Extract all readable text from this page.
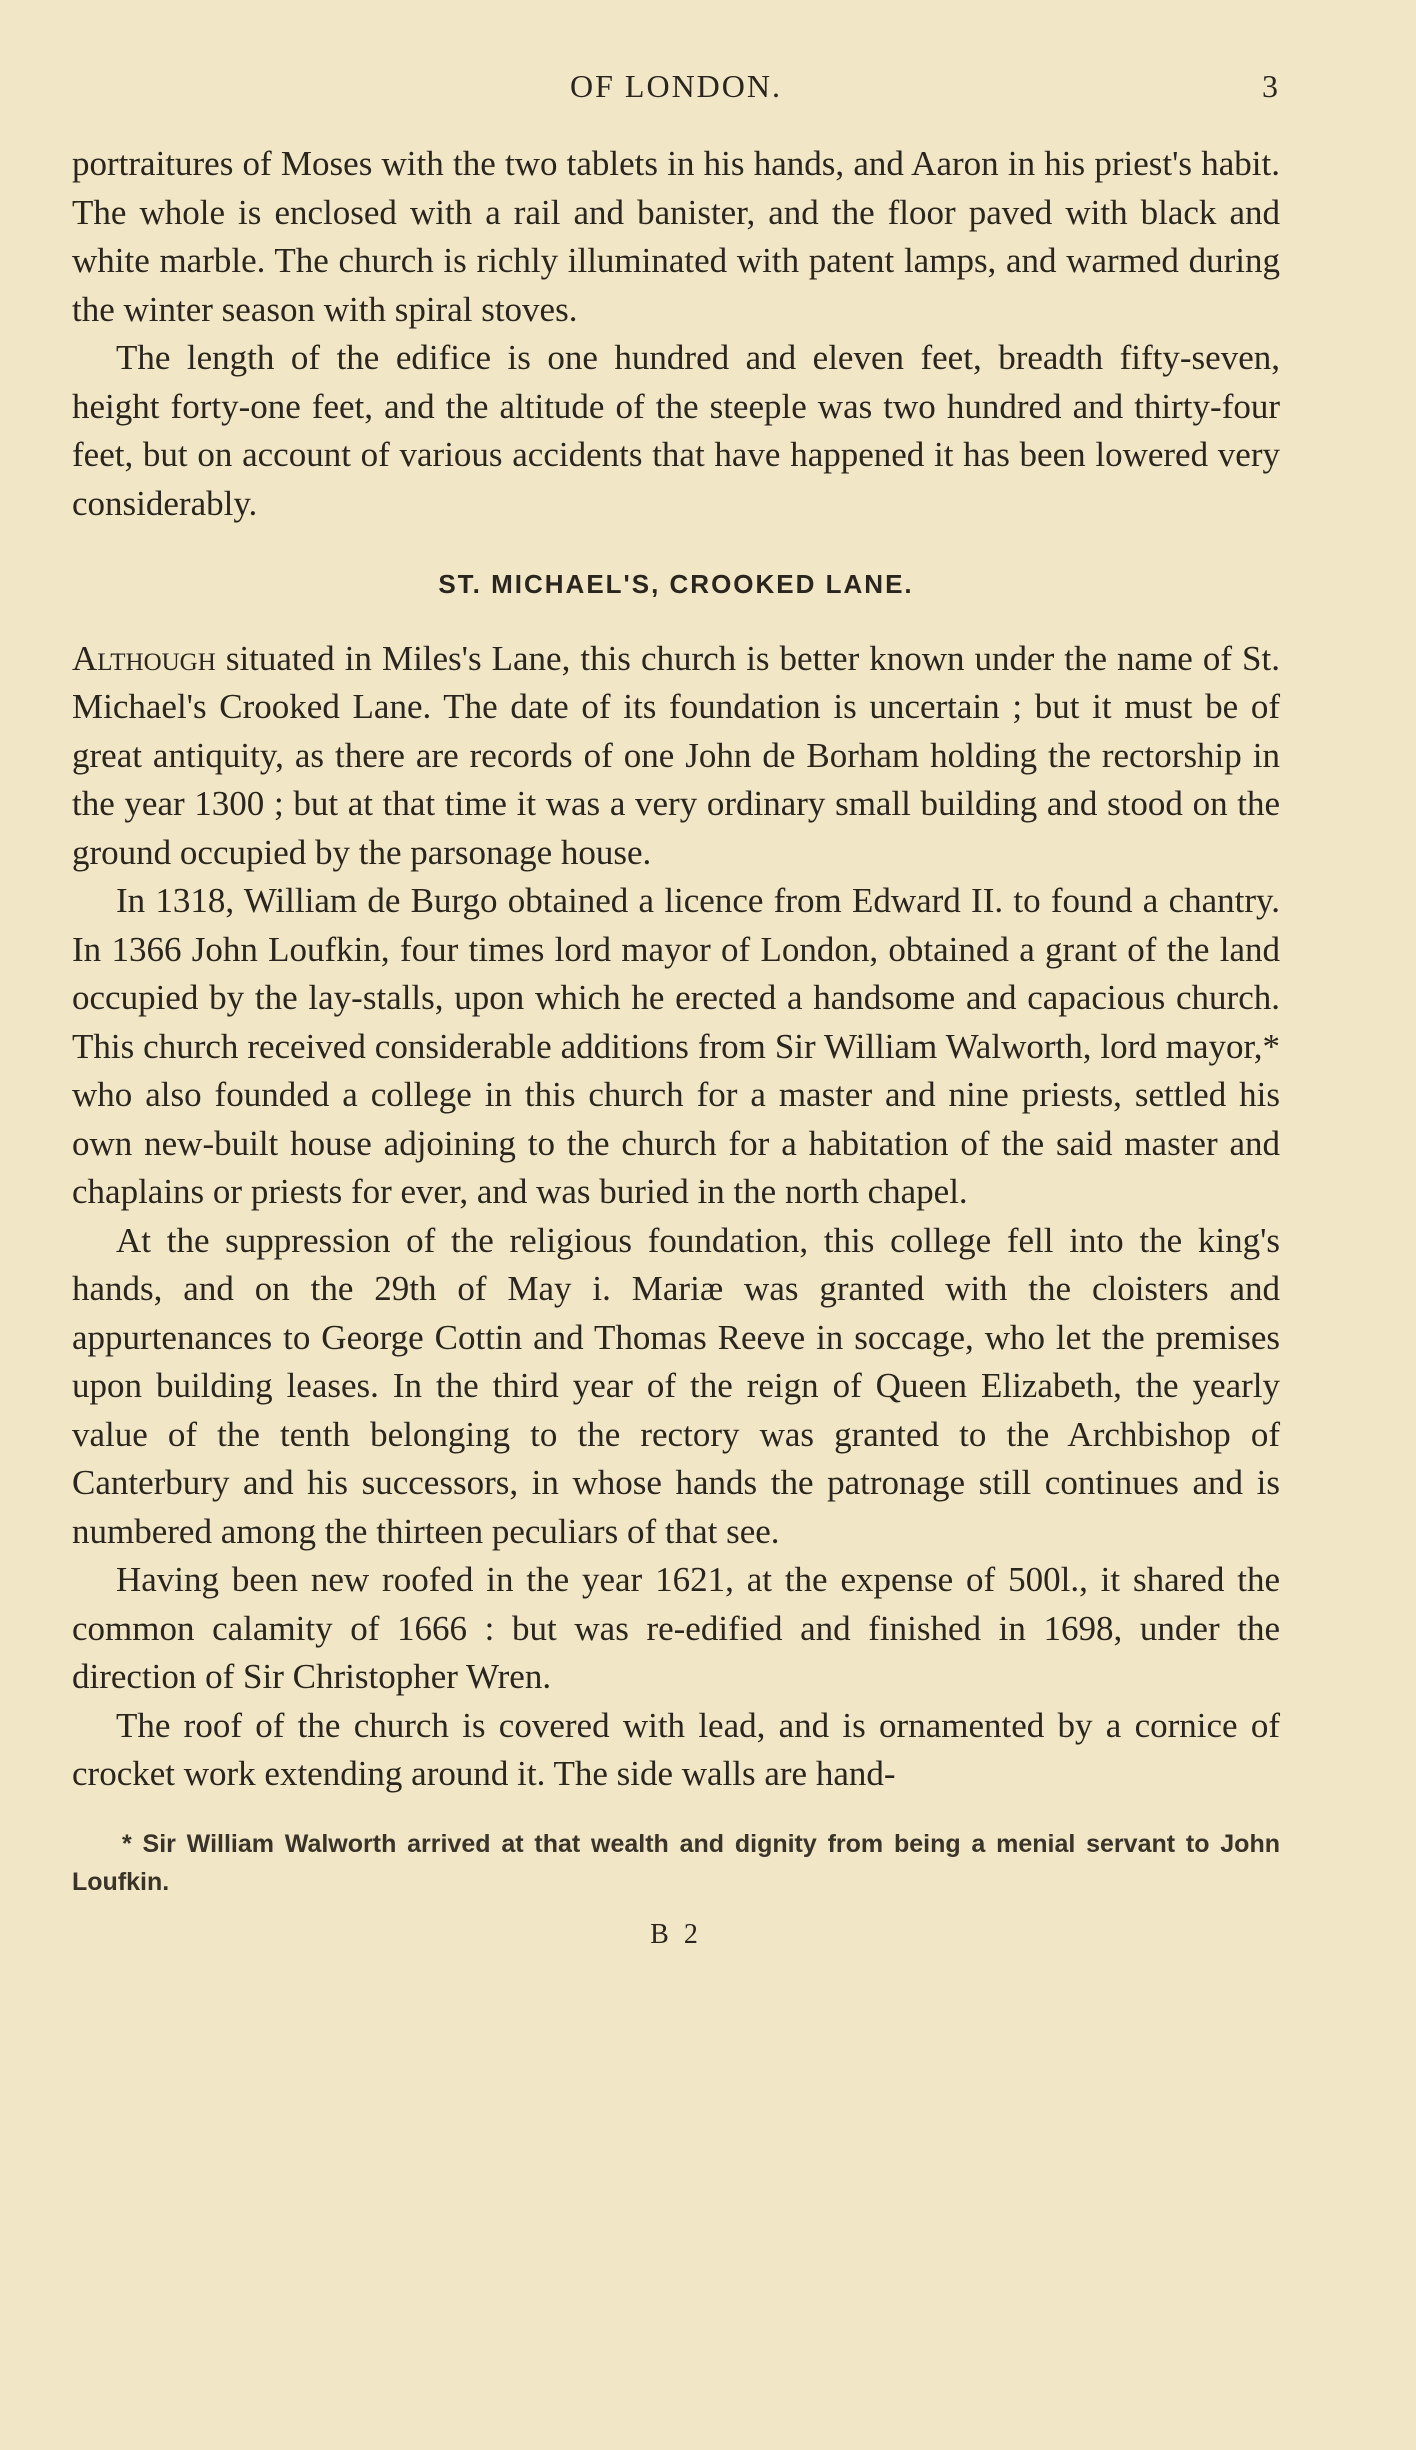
OF LONDON.	3

portraitures of Moses with the two tablets in his hands, and Aaron in his priest's habit. The whole is enclosed with a rail and banister, and the floor paved with black and white marble. The church is richly illuminated with patent lamps, and warmed during the winter season with spiral stoves.

The length of the edifice is one hundred and eleven feet, breadth fifty-seven, height forty-one feet, and the altitude of the steeple was two hundred and thirty-four feet, but on account of various accidents that have happened it has been lowered very considerably.

ST. MICHAEL'S, CROOKED LANE.

Although situated in Miles's Lane, this church is better known under the name of St. Michael's Crooked Lane. The date of its foundation is uncertain ; but it must be of great antiquity, as there are records of one John de Borham holding the rectorship in the year 1300 ; but at that time it was a very ordinary small building and stood on the ground occupied by the parsonage house.

In 1318, William de Burgo obtained a licence from Edward II. to found a chantry. In 1366 John Loufkin, four times lord mayor of London, obtained a grant of the land occupied by the lay-stalls, upon which he erected a handsome and capacious church. This church received considerable additions from Sir William Walworth, lord mayor,* who also founded a college in this church for a master and nine priests, settled his own new-built house adjoining to the church for a habitation of the said master and chaplains or priests for ever, and was buried in the north chapel.

At the suppression of the religious foundation, this college fell into the king's hands, and on the 29th of May i. Mariæ was granted with the cloisters and appurtenances to George Cottin and Thomas Reeve in soccage, who let the premises upon building leases. In the third year of the reign of Queen Elizabeth, the yearly value of the tenth belonging to the rectory was granted to the Archbishop of Canterbury and his successors, in whose hands the patronage still continues and is numbered among the thirteen peculiars of that see.

Having been new roofed in the year 1621, at the expense of 500l., it shared the common calamity of 1666 : but was re-edified and finished in 1698, under the direction of Sir Christopher Wren.

The roof of the church is covered with lead, and is ornamented by a cornice of crocket work extending around it. The side walls are hand-

* Sir William Walworth arrived at that wealth and dignity from being a menial servant to John Loufkin.
B 2
